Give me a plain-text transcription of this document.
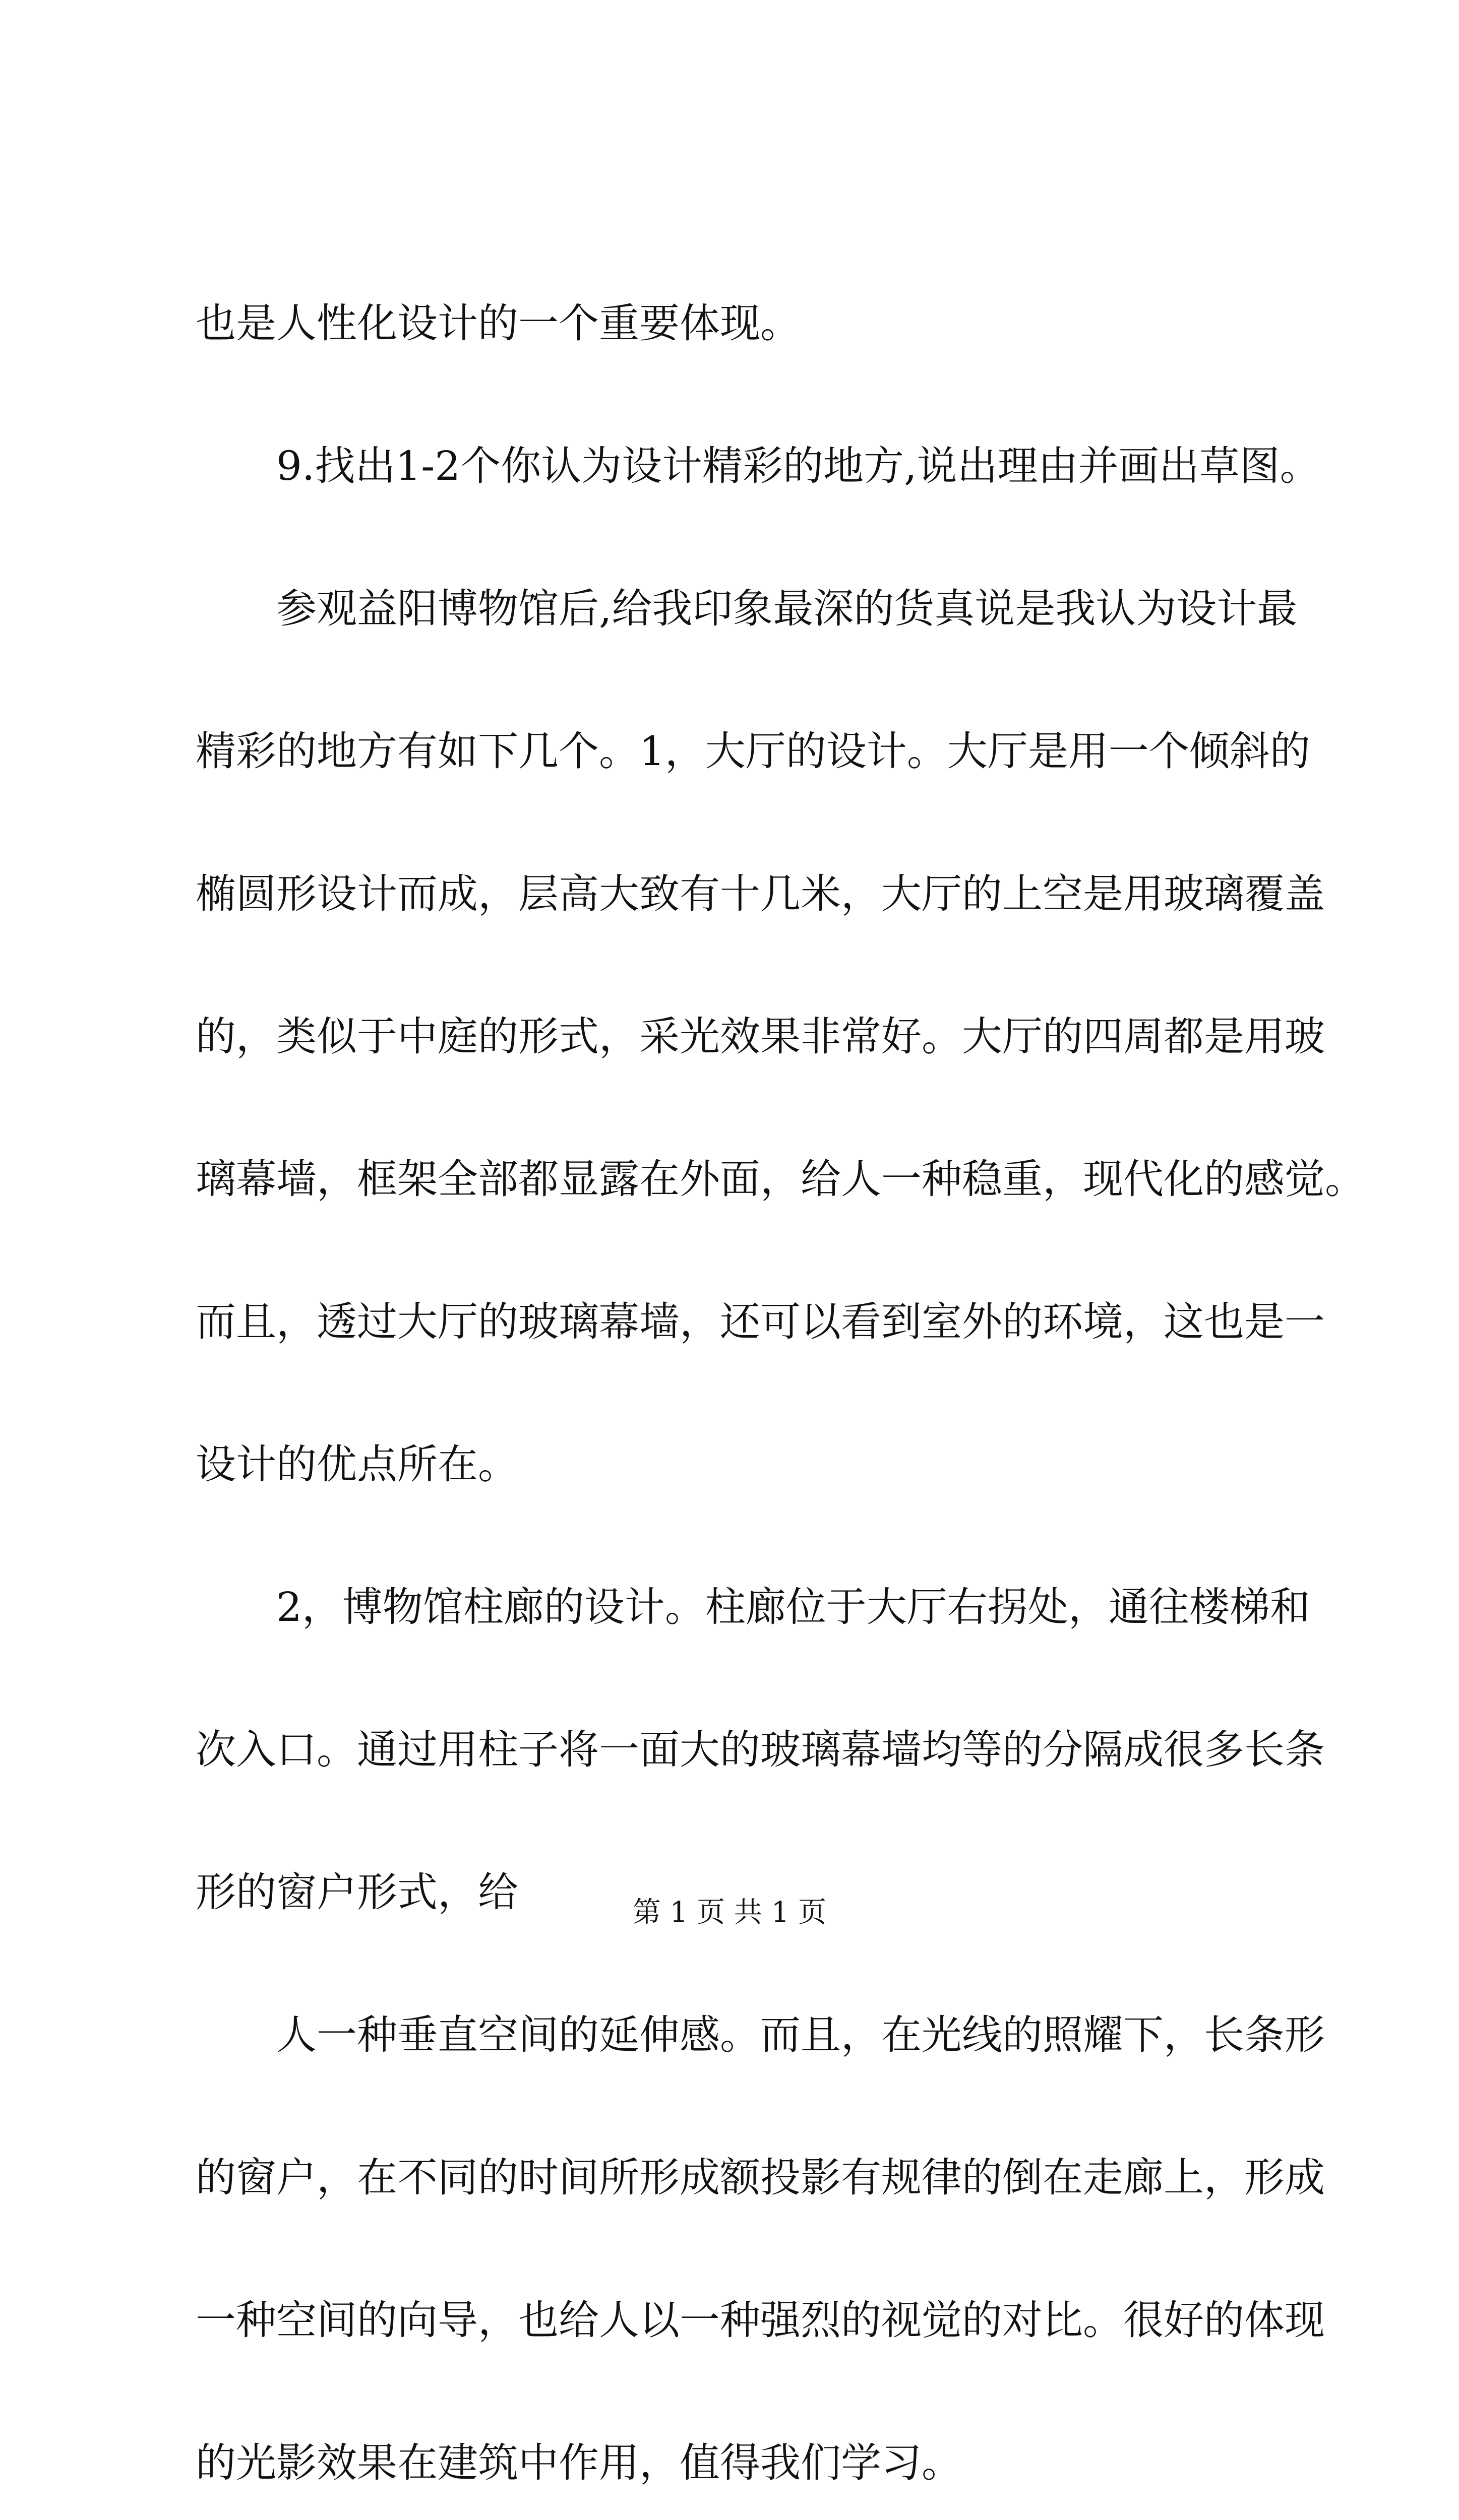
也是人性化设计的一个重要体现。
9.找出1-2个你认为设计精彩的地方,说出理由并画出草图。
参观益阳博物馆后,给我印象最深的货真说是我认为设计最
精彩的地方有如下几个。1，大厅的设计。大厅是用一个倾斜的
椭圆形设计而成，层高大致有十几米，大厅的上空是用玻璃覆盖
的，类似于中庭的形式，采光效果非常好。大厅的四周都是用玻
璃幕墙，框架全部都显露在外面，给人一种稳重，现代化的感觉。
而且，透过大厅的玻璃幕墙，还可以看到室外的环境，这也是一
设计的优点所在。
2，博物馆柱廊的设计。柱廊位于大厅右拐处，通往楼梯和
次入口。通过用柱子将一面大的玻璃幕墙均等的分隔成很多长条
形的窗户形式，给
人一种垂直空间的延伸感。而且，在光线的照耀下，长条形
的窗户，在不同的时间所形成额投影有规律的倒在走廊上，形成
一种空间的向导，也给人以一种强烈的视觉的对比。很好的体现
的光影效果在建筑中作用，值得我们学习。
第 1 页 共 1 页
